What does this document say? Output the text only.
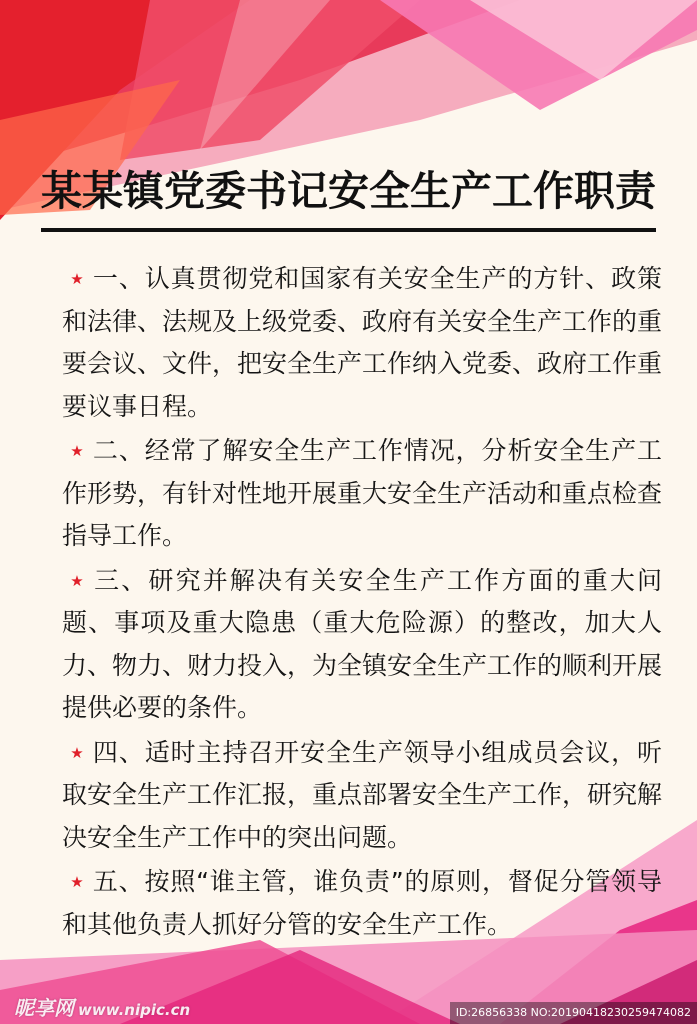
某某镇党委书记安全生产工作职责

★ 一、认真贯彻党和国家有关安全生产的方针、政策和法律、法规及上级党委、政府有关安全生产工作的重要会议、文件，把安全生产工作纳入党委、政府工作重要议事日程。

★ 二、经常了解安全生产工作情况，分析安全生产工作形势，有针对性地开展重大安全生产活动和重点检查指导工作。

★ 三、研究并解决有关安全生产工作方面的重大问题、事项及重大隐患（重大危险源）的整改，加大人力、物力、财力投入，为全镇安全生产工作的顺利开展提供必要的条件。

★ 四、适时主持召开安全生产领导小组成员会议，听取安全生产工作汇报，重点部署安全生产工作，研究解决安全生产工作中的突出问题。

★ 五、按照“谁主管，谁负责”的原则，督促分管领导和其他负责人抓好分管的安全生产工作。

昵享网 www.nipic.cn	ID:26856338 NO:20190418230259474082
